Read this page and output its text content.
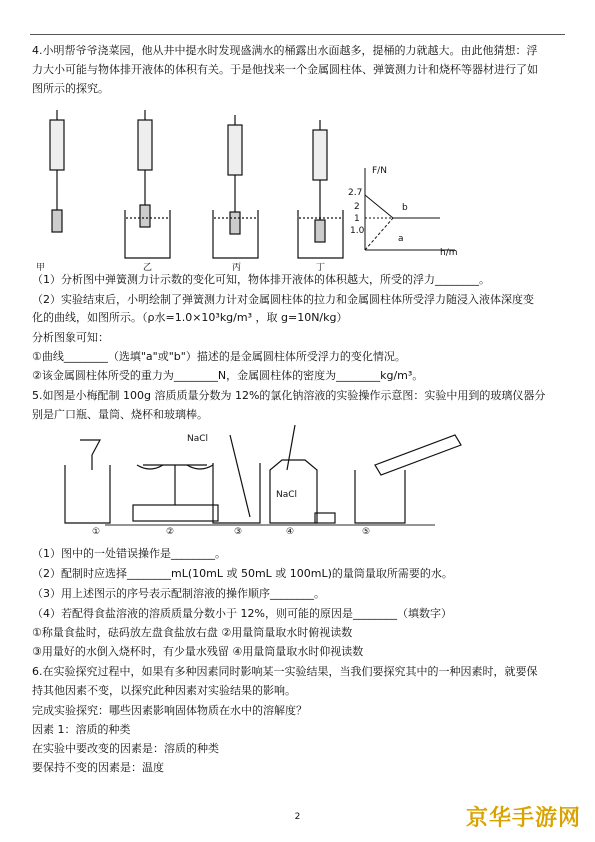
4.小明帮爷爷浇菜园，他从井中提水时发现盛满水的桶露出水面越多，提桶的力就越大。由此他猜想：浮
力大小可能与物体排开液体的体积有关。于是他找来一个金属圆柱体、弹簧测力计和烧杯等器材进行了如
图所示的探究。
甲	乙	丙	丁
F/N
h/m
2.7
2
1
1.0
b
a
（1）分析图中弹簧测力计示数的变化可知，物体排开液体的体积越大，所受的浮力________。
（2）实验结束后，小明绘制了弹簧测力计对金属圆柱体的拉力和金属圆柱体所受浮力随浸入液体深度变
化的曲线，如图所示。（ρ水=1.0×10³kg/m³ ，取 g=10N/kg）
分析图象可知：
①曲线________（选填"a"或"b"）描述的是金属圆柱体所受浮力的变化情况。
②该金属圆柱体所受的重力为________N，金属圆柱体的密度为________kg/m³。
5.如图是小梅配制 100g 溶质质量分数为 12%的氯化钠溶液的实验操作示意图：实验中用到的玻璃仪器分
别是广口瓶、量筒、烧杯和玻璃棒。
NaCl
NaCl
①	②	③	④	⑤
（1）图中的一处错误操作是________。
（2）配制时应选择________mL(10mL 或 50mL 或 100mL)的量筒量取所需要的水。
（3）用上述图示的序号表示配制溶液的操作顺序________。
（4）若配得食盐溶液的溶质质量分数小于 12%，则可能的原因是________（填数字）
①称量食盐时，砝码放左盘食盐放右盘 ②用量筒量取水时俯视读数
③用量好的水倒入烧杯时，有少量水残留 ④用量筒量取水时仰视读数
6.在实验探究过程中，如果有多种因素同时影响某一实验结果，当我们要探究其中的一种因素时，就要保
持其他因素不变，以探究此种因素对实验结果的影响。
完成实验探究：哪些因素影响固体物质在水中的溶解度？
因素 1：溶质的种类
在实验中要改变的因素是：溶质的种类
要保持不变的因素是：温度
2	京华手游网
